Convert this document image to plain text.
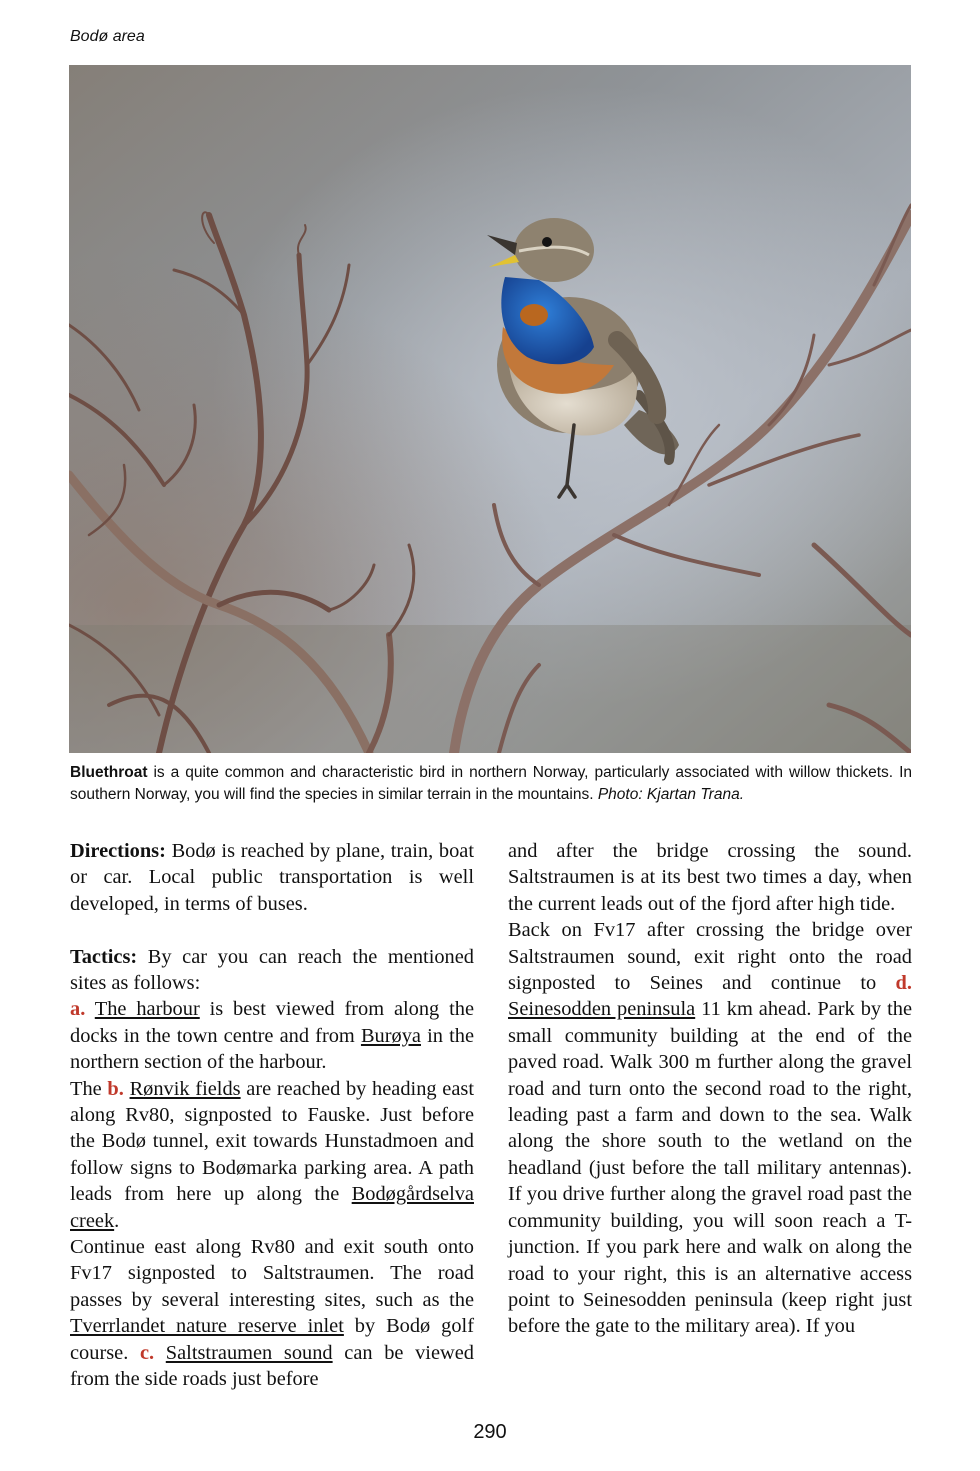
Bodø area
Bluethroat is a quite common and characteristic bird in northern Norway, particularly associated with willow thickets. In southern Norway, you will find the species in similar terrain in the mountains. Photo: Kjartan Trana.

Directions: Bodø is reached by plane, train, boat or car. Local public transportation is well developed, in terms of buses.

Tactics: By car you can reach the mentioned sites as follows:

a. The harbour is best viewed from along the docks in the town centre and from Burøya in the northern section of the harbour.

The b. Rønvik fields are reached by heading east along Rv80, signposted to Fauske. Just before the Bodø tunnel, exit towards Hunstadmoen and follow signs to Bodømarka parking area. A path leads from here up along the Bodøgårdselva creek.

Continue east along Rv80 and exit south onto Fv17 signposted to Saltstraumen. The road passes by several interesting sites, such as the Tverrlandet nature reserve inlet by Bodø golf course. c. Saltstraumen sound can be viewed from the side roads just before

and after the bridge crossing the sound. Saltstraumen is at its best two times a day, when the current leads out of the fjord after high tide.

Back on Fv17 after crossing the bridge over Saltstraumen sound, exit right onto the road signposted to Seines and continue to d. Seinesodden peninsula 11 km ahead. Park by the small community building at the end of the paved road. Walk 300 m further along the gravel road and turn onto the second road to the right, leading past a farm and down to the sea. Walk along the shore south to the wetland on the headland (just before the tall military antennas). If you drive further along the gravel road past the community building, you will soon reach a T-junction. If you park here and walk on along the road to your right, this is an alternative access point to Seinesodden peninsula (keep right just before the gate to the military area). If you

290
